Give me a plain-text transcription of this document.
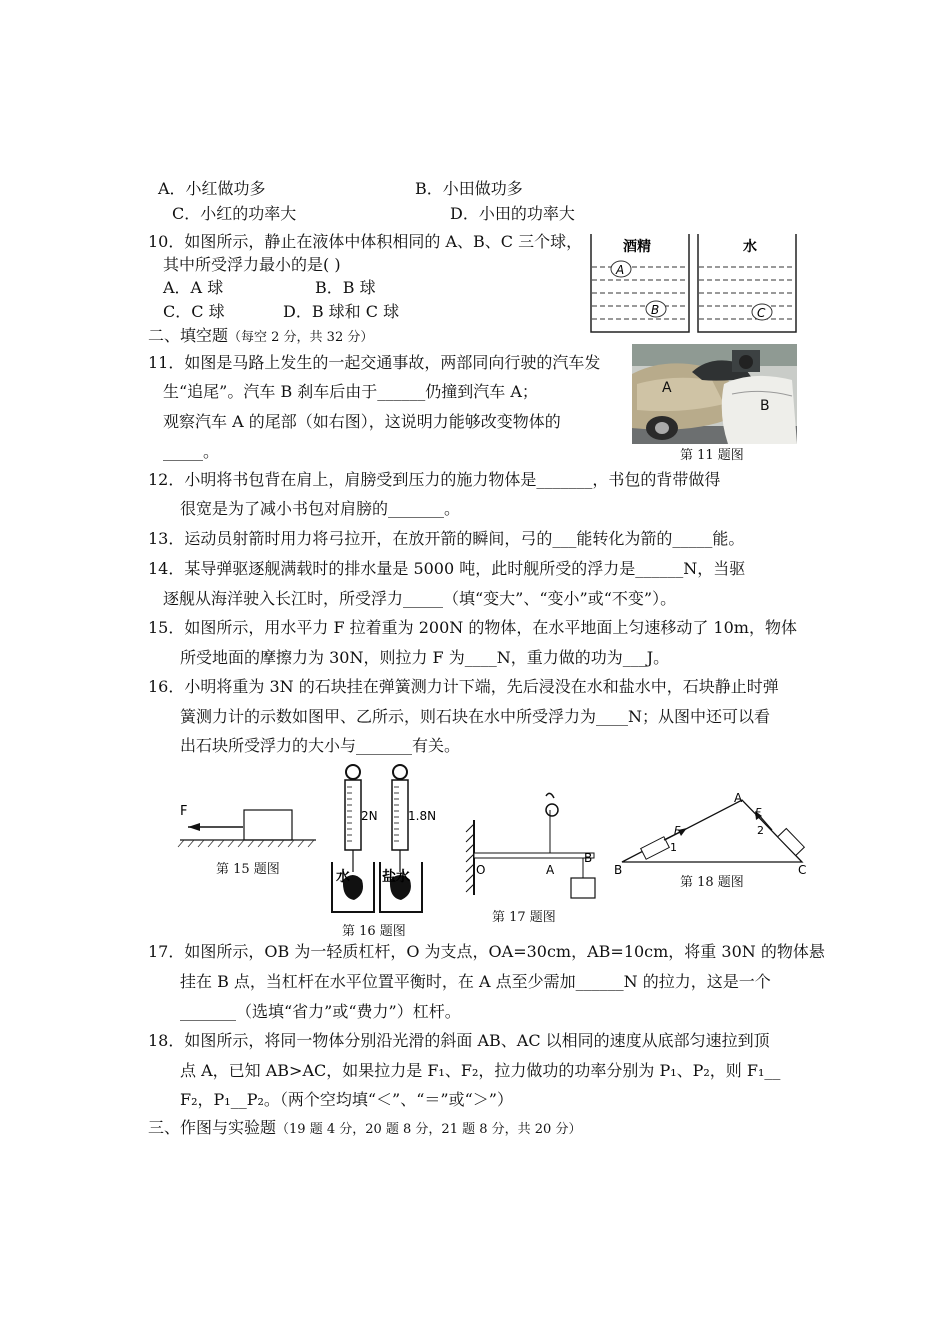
A．小红做功多	B．小田做功多
C．小红的功率大	D．小田的功率大
10．如图所示，静止在液体中体积相同的 A、B、C 三个球，
其中所受浮力最小的是( )
A．A 球	B．B 球
C．C 球	D．B 球和 C 球
酒精	水
A
B	C
二、填空题（每空 2 分，共 32 分）
11．如图是马路上发生的一起交通事故，两部同向行驶的汽车发
生“追尾”。汽车 B 刹车后由于______仍撞到汽车 A；
观察汽车 A 的尾部（如右图），这说明力能够改变物体的
_____。
A
B
第 11 题图
12．小明将书包背在肩上，肩膀受到压力的施力物体是_______，书包的背带做得
很宽是为了减小书包对肩膀的_______。
13．运动员射箭时用力将弓拉开，在放开箭的瞬间，弓的___能转化为箭的_____能。
14．某导弹驱逐舰满载时的排水量是 5000 吨，此时舰所受的浮力是______N，当驱
逐舰从海洋驶入长江时，所受浮力_____（填“变大”、“变小”或“不变”）。
15．如图所示，用水平力 F 拉着重为 200N 的物体，在水平地面上匀速移动了 10m，物体
所受地面的摩擦力为 30N，则拉力 F 为____N，重力做的功为___J。
16．小明将重为 3N 的石块挂在弹簧测力计下端，先后浸没在水和盐水中，石块静止时弹
簧测力计的示数如图甲、乙所示，则石块在水中所受浮力为____N；从图中还可以看
出石块所受浮力的大小与_______有关。
F
第 15 题图
2N	1.8N
水 盐水
第 16 题图
O	A
B
第 17 题图
A
B	C
F
F
1
2
第 18 题图
17．如图所示，OB 为一轻质杠杆，O 为支点，OA=30cm，AB=10cm，将重 30N 的物体悬
挂在 B 点，当杠杆在水平位置平衡时，在 A 点至少需加______N 的拉力，这是一个
_______（选填“省力”或“费力”）杠杆。
18．如图所示，将同一物体分别沿光滑的斜面 AB、AC 以相同的速度从底部匀速拉到顶
点 A，已知 AB>AC，如果拉力是 F₁、F₂，拉力做功的功率分别为 P₁、P₂，则 F₁__
F₂，P₁__P₂。（两个空均填“＜”、“＝”或“＞”）
三、作图与实验题（19 题 4 分，20 题 8 分，21 题 8 分，共 20 分）
